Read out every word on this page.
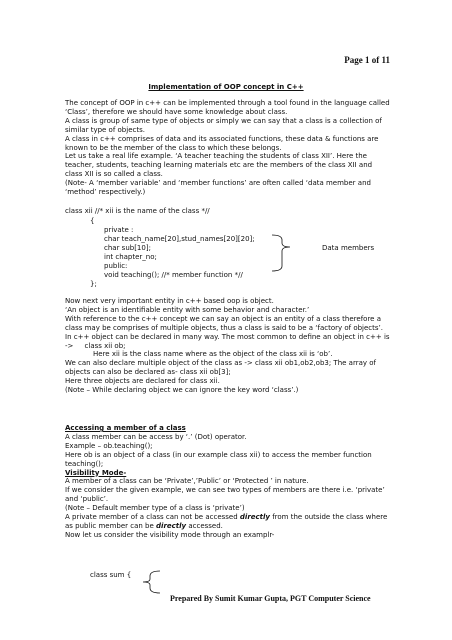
Page 1 of 11
Implementation of OOP concept in C++

The concept of OOP in c++ can be implemented through a tool found in the language called ‘Class’, therefore we should have some knowledge about class.

A class is group of same type of objects or simply we can say that a class is a collection of similar type of objects.

A class in c++ comprises of data and its associated functions, these data & functions are known to be the member of the class to which these belongs.

Let us take a real life example. ‘A teacher teaching the students of class XII’. Here the teacher, students, teaching learning materials etc are the members of the class XII and class XII is so called a class.

(Note- A ‘member variable’ and ‘member functions’ are often called ‘data member and ‘method’ respectively.)

class xii //* xii is the name of the class *//
{
private :
char teach_name[20],stud_names[20][20];
char sub[10];
int chapter_no;
public:
void teaching(); //* member function *//
};
Data members

Now next very important entity in c++ based oop is object.

‘An object is an identifiable entity with some behavior and character.’

With reference to the c++ concept we can say an object is an entity of a class therefore a class may be comprises of multiple objects, thus a class is said to be a ‘factory of objects’.

In c++ object can be declared in many way. The most common to define an object in c++ is -> class xii ob;

Here xii is the class name where as the object of the class xii is ‘ob’.

We can also declare multiple object of the class as -> class xii ob1,ob2,ob3; The array of objects can also be declared as- class xii ob[3];

Here three objects are declared for class xii.

(Note – While declaring object we can ignore the key word ‘class’.)

Accessing a member of a class

A class member can be access by ‘.’ (Dot) operator.

Example – ob.teaching();

Here ob is an object of a class (in our example class xii) to access the member function teaching();

Visibility Mode-

A member of a class can be ‘Private’,’Public’ or ‘Protected ’ in nature.

If we consider the given example, we can see two types of members are there i.e. ‘private’ and ‘public’.

(Note – Default member type of a class is ‘private’)

A private member of a class can not be accessed directly from the outside the class where as public member can be directly accessed.

Now let us consider the visibility mode through an examplr-

class sum {
Prepared By Sumit Kumar Gupta, PGT Computer Science
